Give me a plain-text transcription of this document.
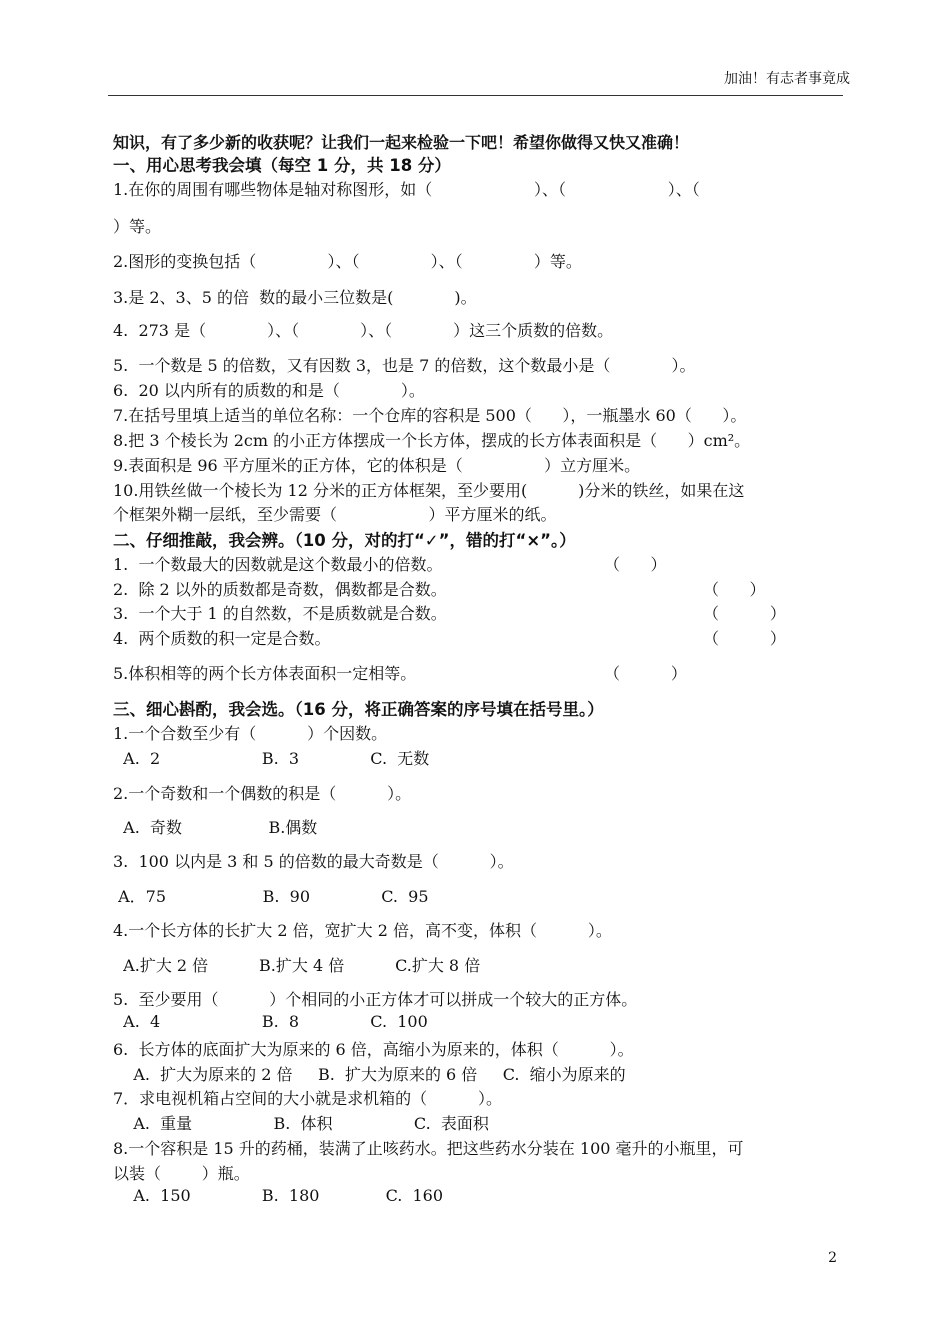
加油！有志者事竟成
知识，有了多少新的收获呢？让我们一起来检验一下吧！希望你做得又快又准确！
一、用心思考我会填（每空 1 分，共 18 分）
1.在你的周围有哪些物体是轴对称图形，如（                    ）、（                    ）、（
）等。
2.图形的变换包括（              ）、（              ）、（              ）等。
3.是 2、3、5 的倍  数的最小三位数是(            )。
4.  273 是（            ）、（            ）、（            ）这三个质数的倍数。
5.  一个数是 5 的倍数，又有因数 3，也是 7 的倍数，这个数最小是（            ）。
6.  20 以内所有的质数的和是（            ）。
7.在括号里填上适当的单位名称：一个仓库的容积是 500（      ），一瓶墨水 60（      ）。
8.把 3 个棱长为 2cm 的小正方体摆成一个长方体，摆成的长方体表面积是（      ）cm²。
9.表面积是 96 平方厘米的正方体，它的体积是（                ）立方厘米。
10.用铁丝做一个棱长为 12 分米的正方体框架，至少要用(          )分米的铁丝，如果在这
个框架外糊一层纸，至少需要（                  ）平方厘米的纸。
二、仔细推敲，我会辨。（10 分，对的打“✓”，错的打“×”。）
1.  一个数最大的因数就是这个数最小的倍数。	（      ）
2.  除 2 以外的质数都是奇数，偶数都是合数。	（      ）
3.  一个大于 1 的自然数，不是质数就是合数。	（          ）
4.  两个质数的积一定是合数。	（          ）
5.体积相等的两个长方体表面积一定相等。	（          ）
三、细心斟酌，我会选。（16 分，将正确答案的序号填在括号里。）
1.一个合数至少有（          ）个因数。
A.  2                    B.  3              C.  无数
2.一个奇数和一个偶数的积是（          ）。
A.  奇数                 B.偶数
3.  100 以内是 3 和 5 的倍数的最大奇数是（          ）。
A．75                   B.  90              C.  95
4.一个长方体的长扩大 2 倍，宽扩大 2 倍，高不变，体积（          ）。
A.扩大 2 倍          B.扩大 4 倍          C.扩大 8 倍
5.  至少要用（          ）个相同的小正方体才可以拼成一个较大的正方体。
A.  4                    B.  8              C.  100
6.  长方体的底面扩大为原来的 6 倍，高缩小为原来的，体积（          ）。
A.  扩大为原来的 2 倍     B.  扩大为原来的 6 倍     C.  缩小为原来的
7．求电视机箱占空间的大小就是求机箱的（          ）。
A.  重量                B.  体积                C.  表面积
8.一个容积是 15 升的药桶，装满了止咳药水。把这些药水分装在 100 毫升的小瓶里，可
以装（        ）瓶。
A.  150              B.  180             C.  160
2
